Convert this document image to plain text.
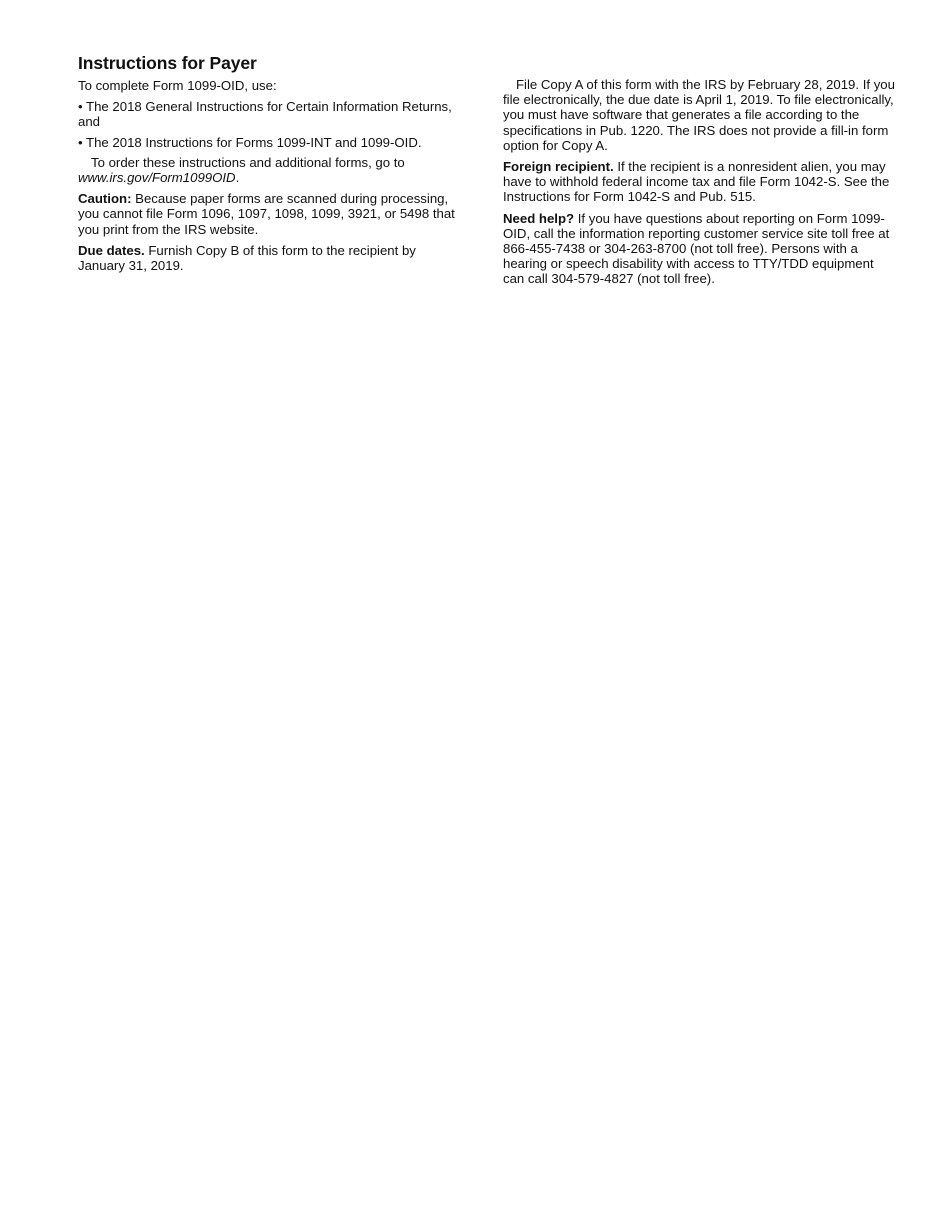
Instructions for Payer

To complete Form 1099-OID, use:

• The 2018 General Instructions for Certain Information Returns, and

• The 2018 Instructions for Forms 1099-INT and 1099-OID.

To order these instructions and additional forms, go to www.irs.gov/Form1099OID.

Caution: Because paper forms are scanned during processing, you cannot file Form 1096, 1097, 1098, 1099, 3921, or 5498 that you print from the IRS website.

Due dates. Furnish Copy B of this form to the recipient by January 31, 2019.

File Copy A of this form with the IRS by February 28, 2019. If you file electronically, the due date is April 1, 2019. To file electronically, you must have software that generates a file according to the specifications in Pub. 1220. The IRS does not provide a fill-in form option for Copy A.

Foreign recipient. If the recipient is a nonresident alien, you may have to withhold federal income tax and file Form 1042-S. See the Instructions for Form 1042-S and Pub. 515.

Need help? If you have questions about reporting on Form 1099-OID, call the information reporting customer service site toll free at 866-455-7438 or 304-263-8700 (not toll free). Persons with a hearing or speech disability with access to TTY/TDD equipment can call 304-579-4827 (not toll free).
